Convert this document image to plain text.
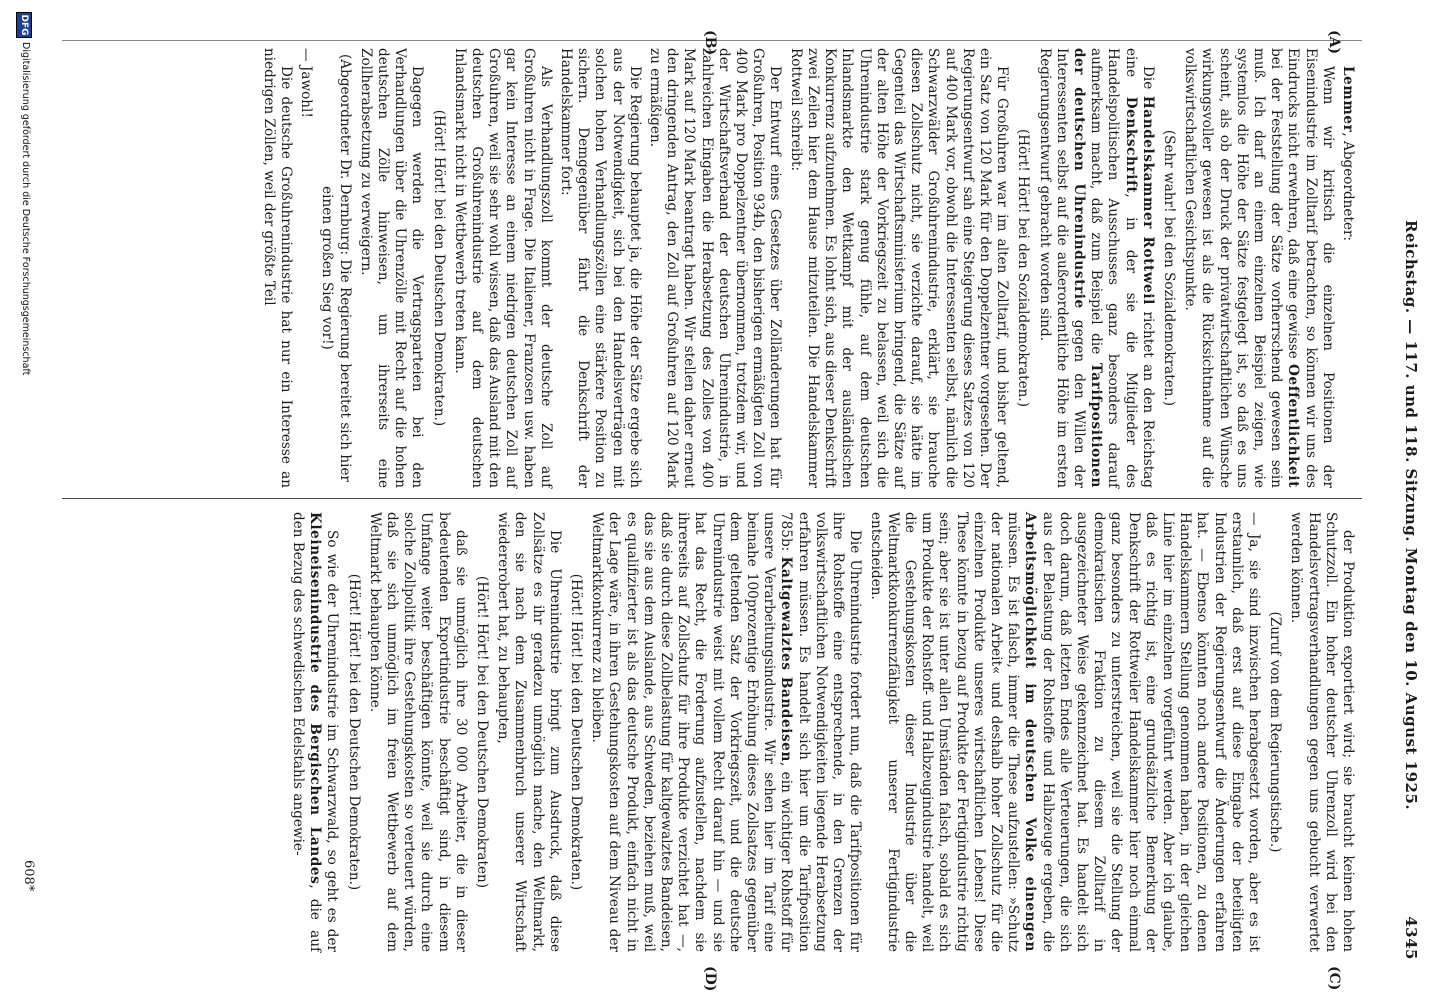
Reichstag. — 117. und 118. Sitzung. Montag den 10. August 1925.
4345
(A)
(B)
(C)
(D)

Lemmer, Abgeordneter:

Wenn wir kritisch die einzelnen Positionen der Eisenindustrie im Zolltarif betrachten, so können wir uns des Eindrucks nicht erwehren, daß eine gewisse Oeffentlichkeit bei der Feststellung der Sätze vorherrschend gewesen sein muß. Ich darf an einem einzelnen Beispiel zeigen, wie systemlos die Höhe der Sätze festgelegt ist, so daß es uns scheint, als ob der Druck der privatwirtschaftlichen Wünsche wirkungsvoller gewesen ist als die Rücksichtnahme auf die volkswirtschaftlichen Gesichtspunkte.

(Sehr wahr! bei den Sozialdemokraten.)

Die Handelskammer Rottweil richtet an den Reichstag eine Denkschrift, in der sie die Mitglieder des Handelspolitischen Ausschusses ganz besonders darauf aufmerksam macht, daß zum Beispiel die Tarifpositionen der deutschen Uhrenindustrie gegen den Willen der Interessenten selbst auf die außerordentliche Höhe im ersten Regierungsentwurf gebracht worden sind.

(Hört! Hört! bei den Sozialdemokraten.)

Für Großuhren war im alten Zolltarif, und bisher geltend, ein Satz von 120 Mark für den Doppelzentner vorgesehen. Der Regierungsentwurf sah eine Steigerung dieses Satzes von 120 auf 400 Mark vor, obwohl die Interessenten selbst, nämlich die Schwarzwälder Großuhrenindustrie, erklärt, sie brauche diesen Zollschutz nicht, sie verzichte darauf, sie hätte im Gegenteil das Wirtschaftsministerium bringend, die Sätze auf der alten Höhe der Vorkriegszeit zu belassen, weil sich die Uhrenindustrie stark genug fühle, auf dem deutschen Inlandsmarkte den Wettkampf mit der ausländischen Konkurrenz aufzunehmen. Es lohnt sich, aus dieser Denkschrift zwei Zeilen hier dem Hause mitzuteilen. Die Handelskammer Rottweil schreibt:

Der Entwurf eines Gesetzes über Zolländerungen hat für Großuhren, Position 934b, den bisherigen ermäßigten Zoll von 400 Mark pro Doppelzentner übernommen, trotzdem wir, und der Wirtschaftsverband der deutschen Uhrenindustrie, in zahlreichen Eingaben die Herabsetzung des Zolles von 400 Mark auf 120 Mark beantragt haben. Wir stellen daher erneut den dringenden Antrag, den Zoll auf Großuhren auf 120 Mark zu ermäßigen.

Die Regierung behauptet ja, die Höhe der Sätze ergebe sich aus der Notwendigkeit, sich bei den Handelsverträgen mit solchen hohen Verhandlungszöllen eine stärkere Position zu sichern. Demgegenüber fährt die Denkschrift der Handelskammer fort:

Als Verhandlungszoll kommt der deutsche Zoll auf Großuhren nicht in Frage. Die Italiener, Franzosen usw. haben gar kein Interesse an einem niedrigen deutschen Zoll auf Großuhren, weil sie sehr wohl wissen, daß das Ausland mit den deutschen Großuhrenindustrie auf dem deutschen Inlandsmarkt nicht in Wettbewerb treten kann.

(Hört! Hört! bei den Deutschen Demokraten.)

Dagegen werden die Vertragsparteien bei den Verhandlungen über die Uhrenzölle mit Recht auf die hohen deutschen Zölle hinweisen, um ihrerseits eine Zollherabsetzung zu verweigern.

(Abgeordneter Dr. Dernburg: Die Regierung bereitet sich hier einen großen Sieg vor!)

— Jawohl!

Die deutsche Großuhrenindustrie hat nur ein Interesse an niedrigen Zöllen, weil der größte Teil

der Produktion exportiert wird; sie braucht keinen hohen Schutzzoll. Ein hoher deutscher Uhrenzoll wird bei den Handelsvertragsverhandlungen gegen uns gebucht verwertet werden können.

(Zuruf von dem Regierungstische.)

— Ja, sie sind inzwischen herabgesetzt worden, aber es ist erstaunlich, daß erst auf diese Eingabe der beteiligten Industrien der Regierungsentwurf die Änderungen erfahren hat. — Ebenso könnten noch andere Positionen, zu denen Handelskammern Stellung genommen haben, in der gleichen Linie hier im einzelnen vorgeführt werden. Aber ich glaube, daß es richtig ist, eine grundsätzliche Bemerkung der Denkschrift der Rottweiler Handelskammer hier noch einmal ganz besonders zu unterstreichen, weil sie die Stellung der demokratischen Fraktion zu diesem Zolltarif in ausgezeichneter Weise gekennzeichnet hat. Es handelt sich doch darum, daß letzten Endes alle Verteuerungen, die sich aus der Belastung der Rohstoffe und Halbzeuge ergeben, die Arbeitsmöglichkeit im deutschen Volke einengen müssen. Es ist falsch, immer die These aufzustellen: »Schutz der nationalen Arbeit« und deshalb hoher Zollschutz für die einzelnen Produkte unseres wirtschaftlichen Lebens! Diese These könnte in bezug auf Produkte der Fertigindustrie richtig sein; aber sie ist unter allen Umständen falsch, sobald es sich um Produkte der Rohstoff- und Halbzeugindustrie handelt, weil die Gestehungskosten dieser Industrie über die Weltmarktkonkurrenzfähigkeit unserer Fertigindustrie entscheiden.

Die Uhrenindustrie fordert nun, daß die Tarifpositionen für ihre Rohstoffe eine entsprechende, in den Grenzen der volkswirtschaftlichen Notwendigkeiten liegende Herabsetzung erfahren müssen. Es handelt sich hier um die Tarifposition 785b: Kaltgewalztes Bandeisen, ein wichtiger Rohstoff für unsere Verarbeitungsindustrie. Wir sehen hier im Tarif eine beinahe 100prozentige Erhöhung dieses Zollsatzes gegenüber dem geltenden Satz der Vorkriegszeit, und die deutsche Uhrenindustrie weist mit vollem Recht darauf hin — und sie hat das Recht, die Forderung aufzustellen, nachdem sie ihrerseits auf Zollschutz für ihre Produkte verzichtet hat —, daß sie durch diese Zollbelastung für kaltgewalztes Bandeisen, das sie aus dem Auslande, aus Schweden, beziehen muß, weil es qualifizierter ist als das deutsche Produkt, einfach nicht in der Lage wäre, in ihren Gestehungskosten auf dem Niveau der Weltmarktkonkurrenz zu bleiben.

(Hört! Hört! bei den Deutschen Demokraten.)

Die Uhrenindustrie bringt zum Ausdruck, daß diese Zollsätze es ihr geradezu unmöglich mache, den Weltmarkt, den sie nach dem Zusammenbruch unserer Wirtschaft wiedererobert hat, zu behaupten,

(Hört! Hört! bei den Deutschen Demokraten)

daß sie unmöglich ihre 30 000 Arbeiter, die in dieser bedeutenden Exportindustrie beschäftigt sind, in diesem Umfange weiter beschäftigen könnte, weil sie durch eine solche Zollpolitik ihre Gestehungskosten so verteuert würden, daß sie sich unmöglich im freien Wettbewerb auf dem Weltmarkt behaupten könne.

(Hört! Hört! bei den Deutschen Demokraten.)

So wie der Uhrenindustrie im Schwarzwald, so geht es der Kleineisenindustrie des Bergischen Landes, die auf den Bezug des schwedischen Edelstahls angewie-

608*
DFG
Digitalisierung gefördert durch die Deutsche Forschungsgemeinschaft
